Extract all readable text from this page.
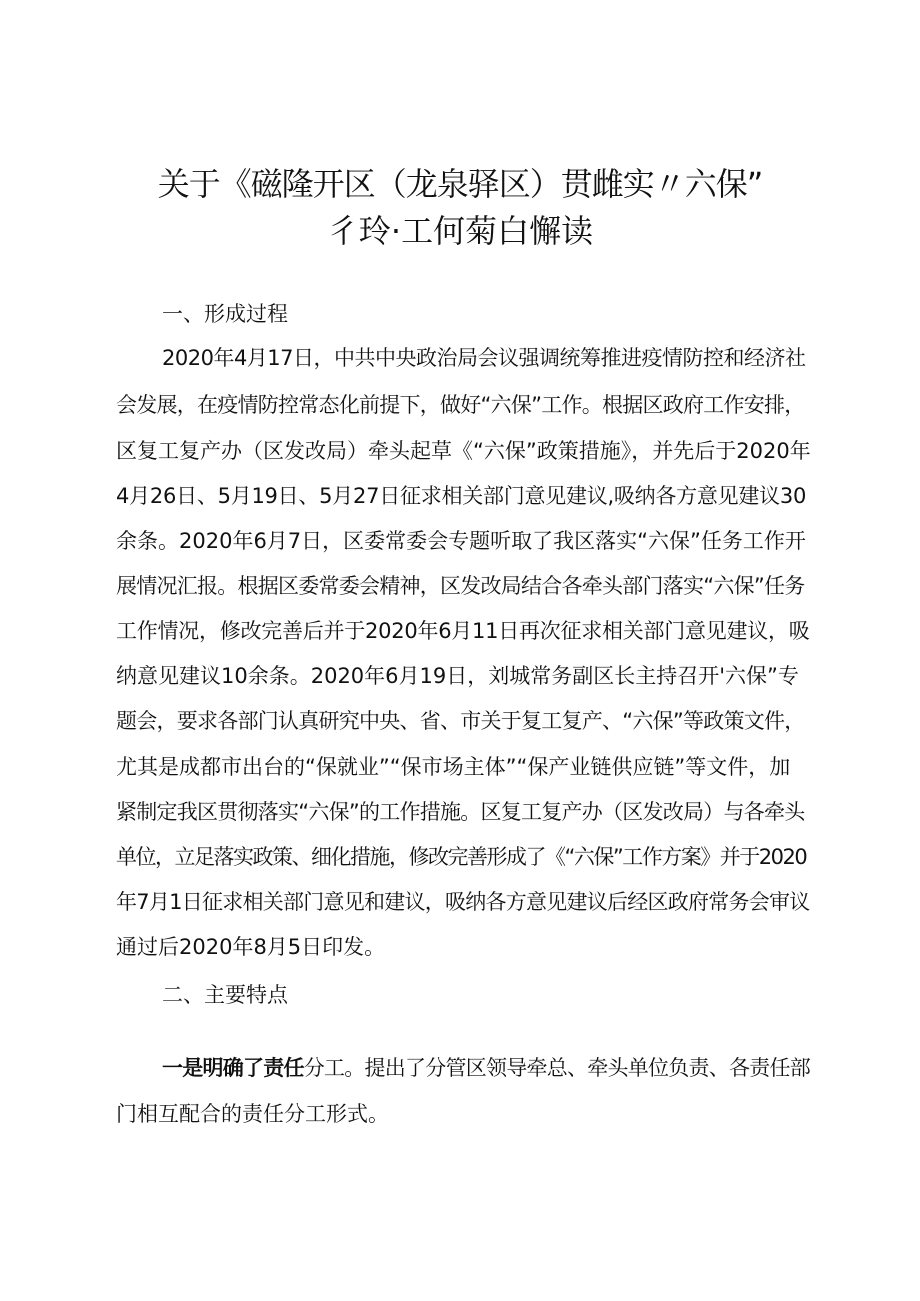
关于《磁隆开区（龙泉驿区）贯雌实〃六保”
彳玲·工何菊白懈读
一、形成过程
2020年4月17日，中共中央政治局会议强调统筹推进疫情防控和经济社
会发展，在疫情防控常态化前提下，做好“六保”工作。根据区政府工作安排，
区复工复产办（区发改局）牵头起草《“六保”政策措施》，并先后于2020年
4月26日、5月19日、5月27日征求相关部门意见建议,吸纳各方意见建议30
余条。2020年6月7日，区委常委会专题听取了我区落实“六保”任务工作开
展情况汇报。根据区委常委会精神，区发改局结合各牵头部门落实“六保”任务
工作情况，修改完善后并于2020年6月11日再次征求相关部门意见建议，吸
纳意见建议10余条。2020年6月19日，刘城常务副区长主持召开'六保”专
题会，要求各部门认真研究中央、省、市关于复工复产、“六保”等政策文件，
尤其是成都市出台的“保就业”“保市场主体”“保产业链供应链”等文件，加
紧制定我区贯彻落实“六保”的工作措施。区复工复产办（区发改局）与各牵头
单位，立足落实政策、细化措施，修改完善形成了《“六保”工作方案》并于2020
年7月1日征求相关部门意见和建议，吸纳各方意见建议后经区政府常务会审议
通过后2020年8月5日印发。
二、主要特点
一是明确了责任分工。提出了分管区领导牵总、牵头单位负责、各责任部
门相互配合的责任分工形式。
